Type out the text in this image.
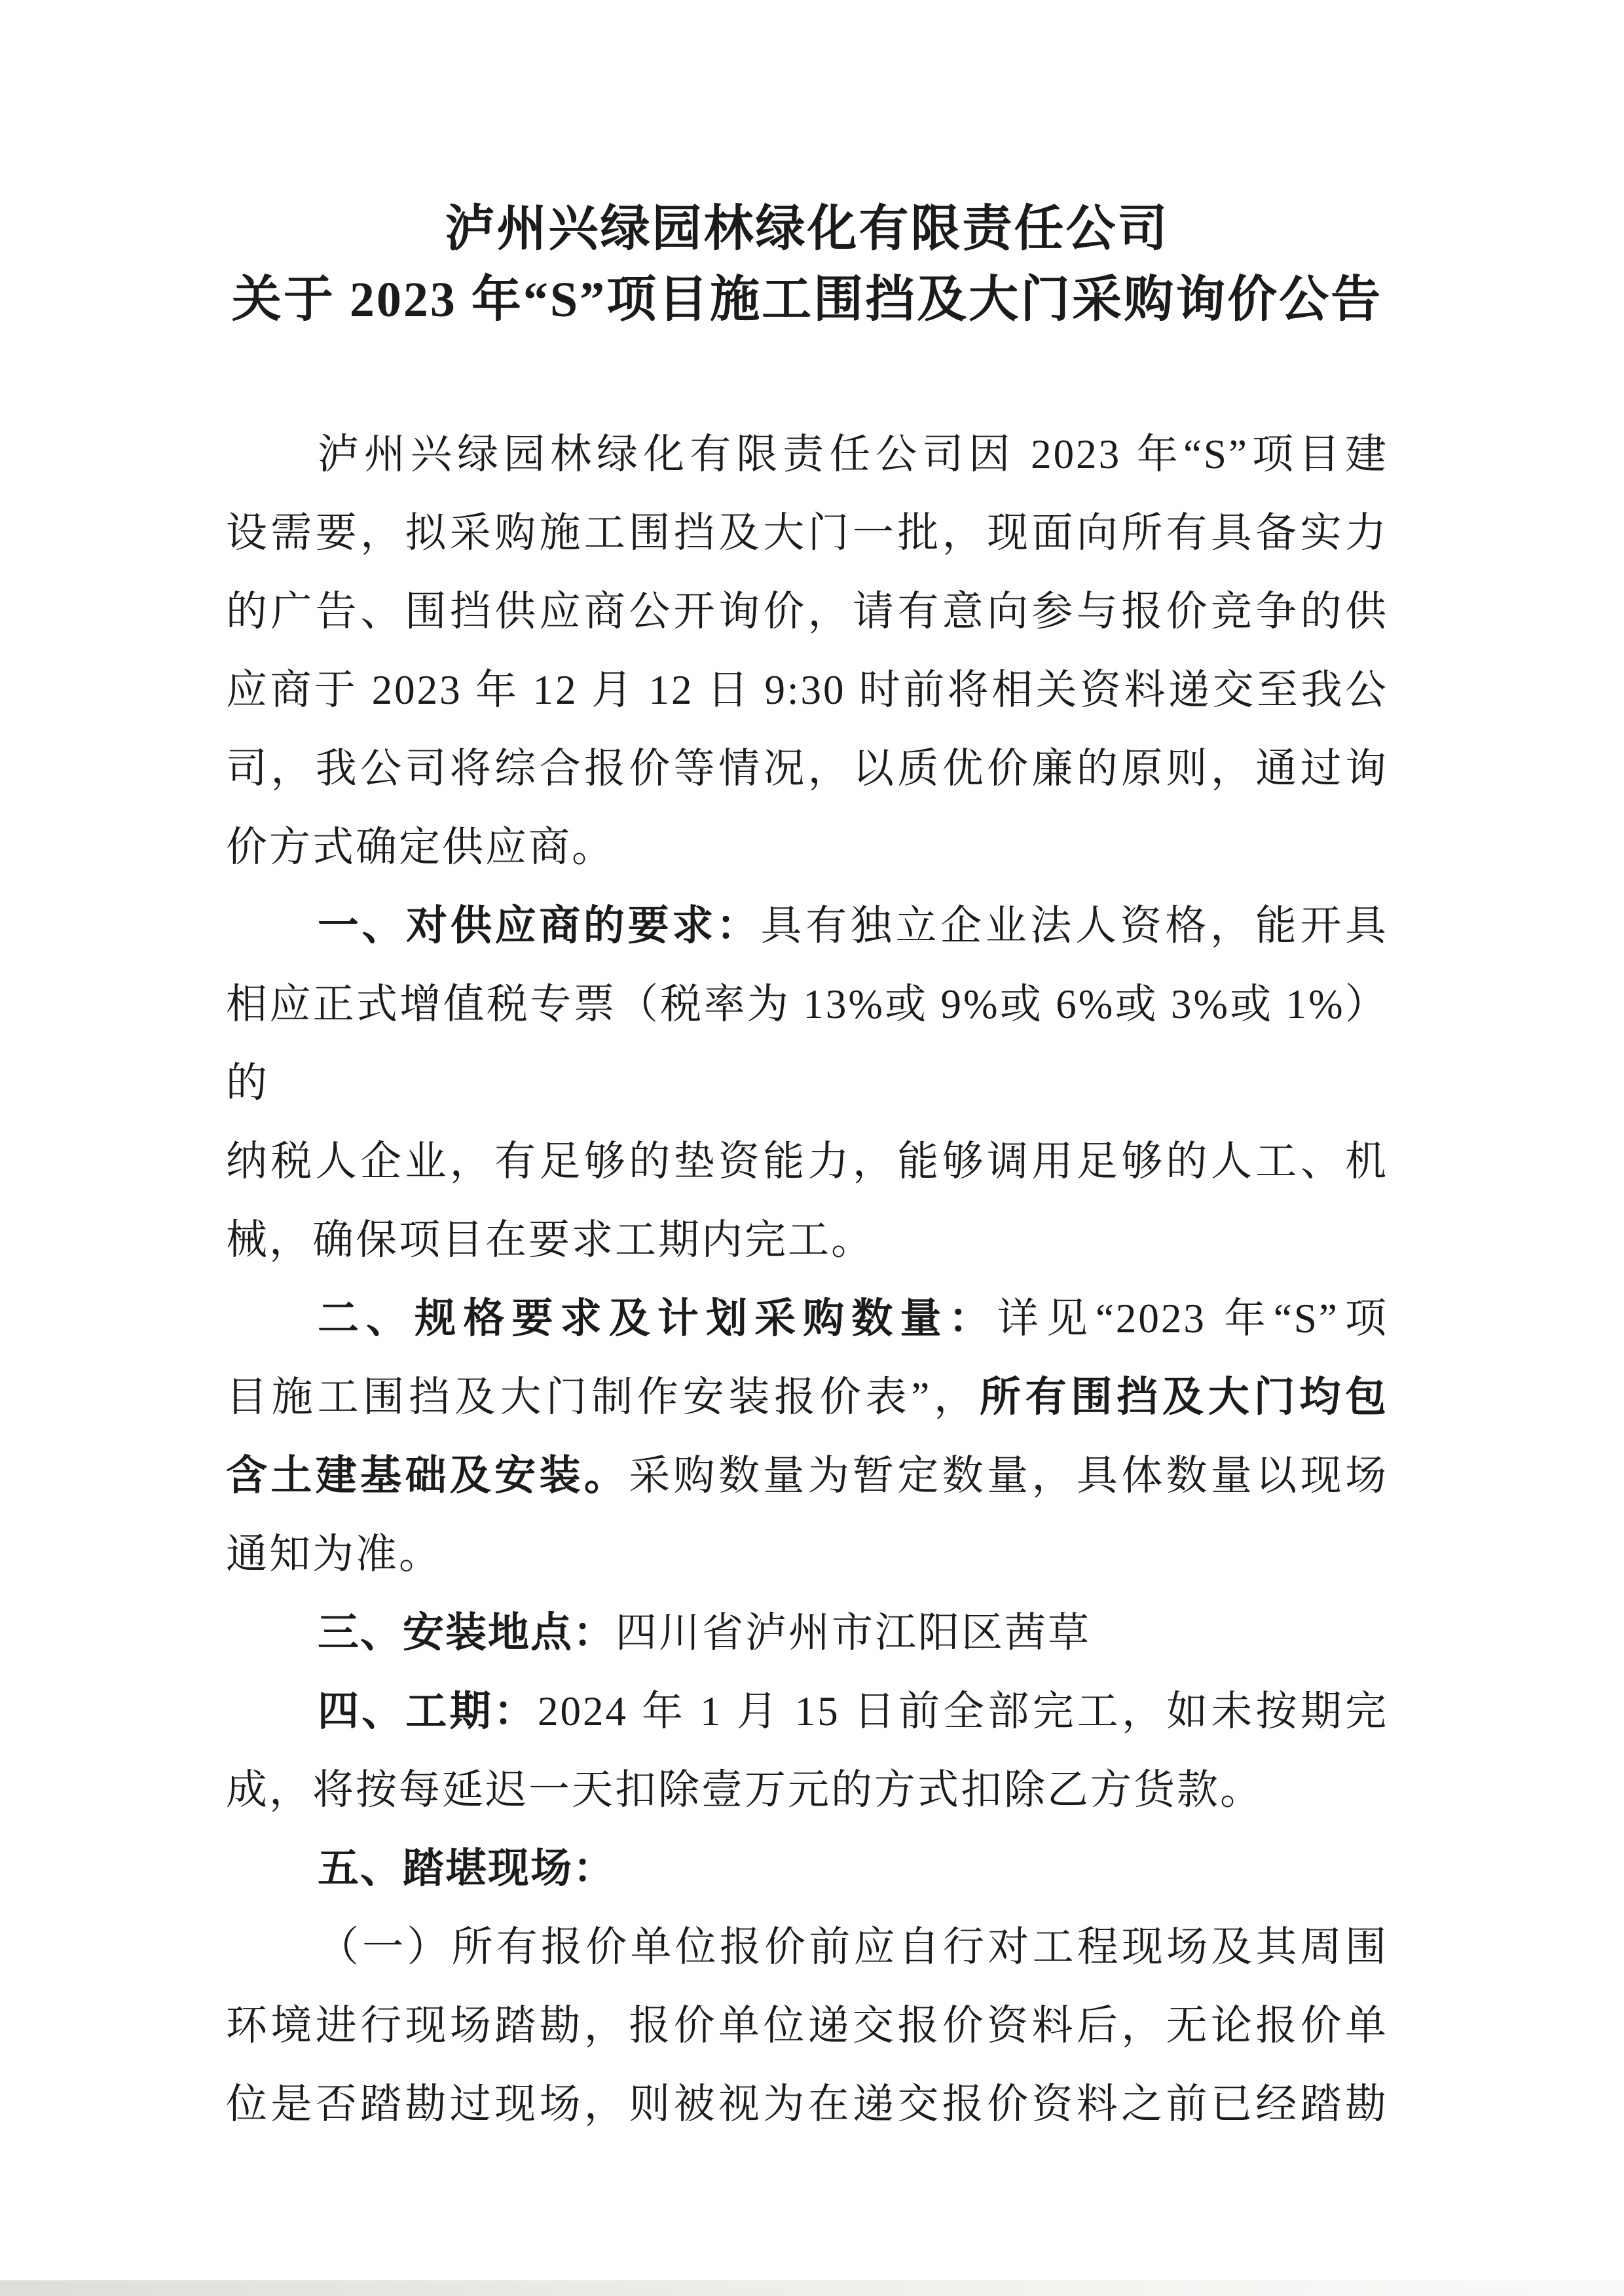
泸州兴绿园林绿化有限责任公司
关于 2023 年“S”项目施工围挡及大门采购询价公告
泸州兴绿园林绿化有限责任公司因 2023 年“S”项目建
设需要，拟采购施工围挡及大门一批，现面向所有具备实力
的广告、围挡供应商公开询价，请有意向参与报价竞争的供
应商于 2023 年 12 月 12 日 9:30 时前将相关资料递交至我公
司，我公司将综合报价等情况，以质优价廉的原则，通过询
价方式确定供应商。
一、对供应商的要求：具有独立企业法人资格，能开具
相应正式增值税专票（税率为 13%或 9%或 6%或 3%或 1%）的
纳税人企业，有足够的垫资能力，能够调用足够的人工、机
械，确保项目在要求工期内完工。
二、规格要求及计划采购数量：详见“2023 年“S”项
目施工围挡及大门制作安装报价表”，所有围挡及大门均包
含土建基础及安装。采购数量为暂定数量，具体数量以现场
通知为准。
三、安装地点：四川省泸州市江阳区茜草
四、工期：2024 年 1 月 15 日前全部完工，如未按期完
成，将按每延迟一天扣除壹万元的方式扣除乙方货款。
五、踏堪现场：
（一）所有报价单位报价前应自行对工程现场及其周围
环境进行现场踏勘，报价单位递交报价资料后，无论报价单
位是否踏勘过现场，则被视为在递交报价资料之前已经踏勘
